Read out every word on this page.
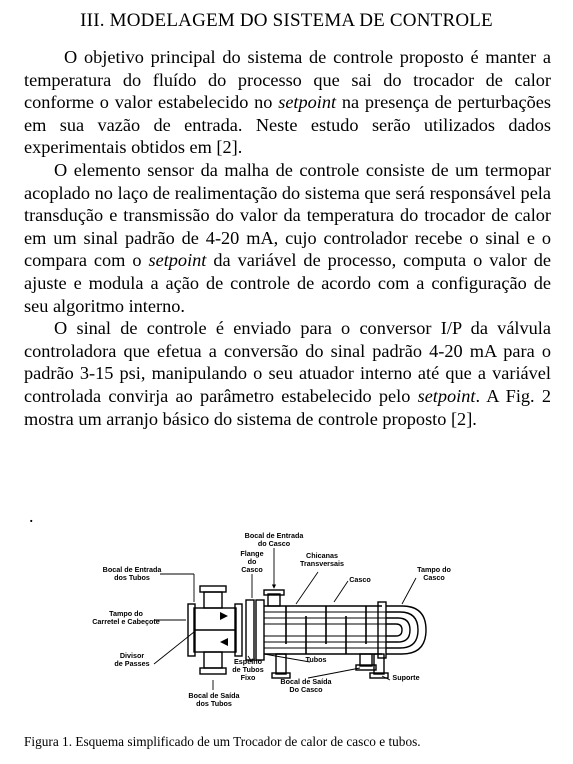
III. MODELAGEM DO SISTEMA DE CONTROLE

O objetivo principal do sistema de controle proposto é manter a temperatura do fluído do processo que sai do trocador de calor conforme o valor estabelecido no setpoint na presença de perturbações em sua vazão de entrada. Neste estudo serão utilizados dados experimentais obtidos em [2].

O elemento sensor da malha de controle consiste de um termopar acoplado no laço de realimentação do sistema que será responsável pela transdução e transmissão do valor da temperatura do trocador de calor em um sinal padrão de 4-20 mA, cujo controlador recebe o sinal e o compara com o setpoint da variável de processo, computa o valor de ajuste e modula a ação de controle de acordo com a configuração de seu algoritmo interno.

O sinal de controle é enviado para o conversor I/P da válvula controladora que efetua a conversão do sinal padrão 4-20 mA para o padrão 3-15 psi, manipulando o seu atuador interno até que a variável controlada convirja ao parâmetro estabelecido pelo setpoint. A Fig. 2 mostra um arranjo básico do sistema de controle proposto [2].

.
Bocal de Entrada
do Casco
Chicanas
Transversais
Bocal de Entrada
dos Tubos
Flange
do
Casco
Casco
Tampo do
Casco
Tampo do
Carretel e Cabeçote
Divisor
de Passes	Espelho
de Tubos
Fixo
Tubos
Suporte
Bocal de Saída
Do Casco
Bocal de Saída
dos Tubos
Figura 1. Esquema simplificado de um Trocador de calor de casco e tubos.
